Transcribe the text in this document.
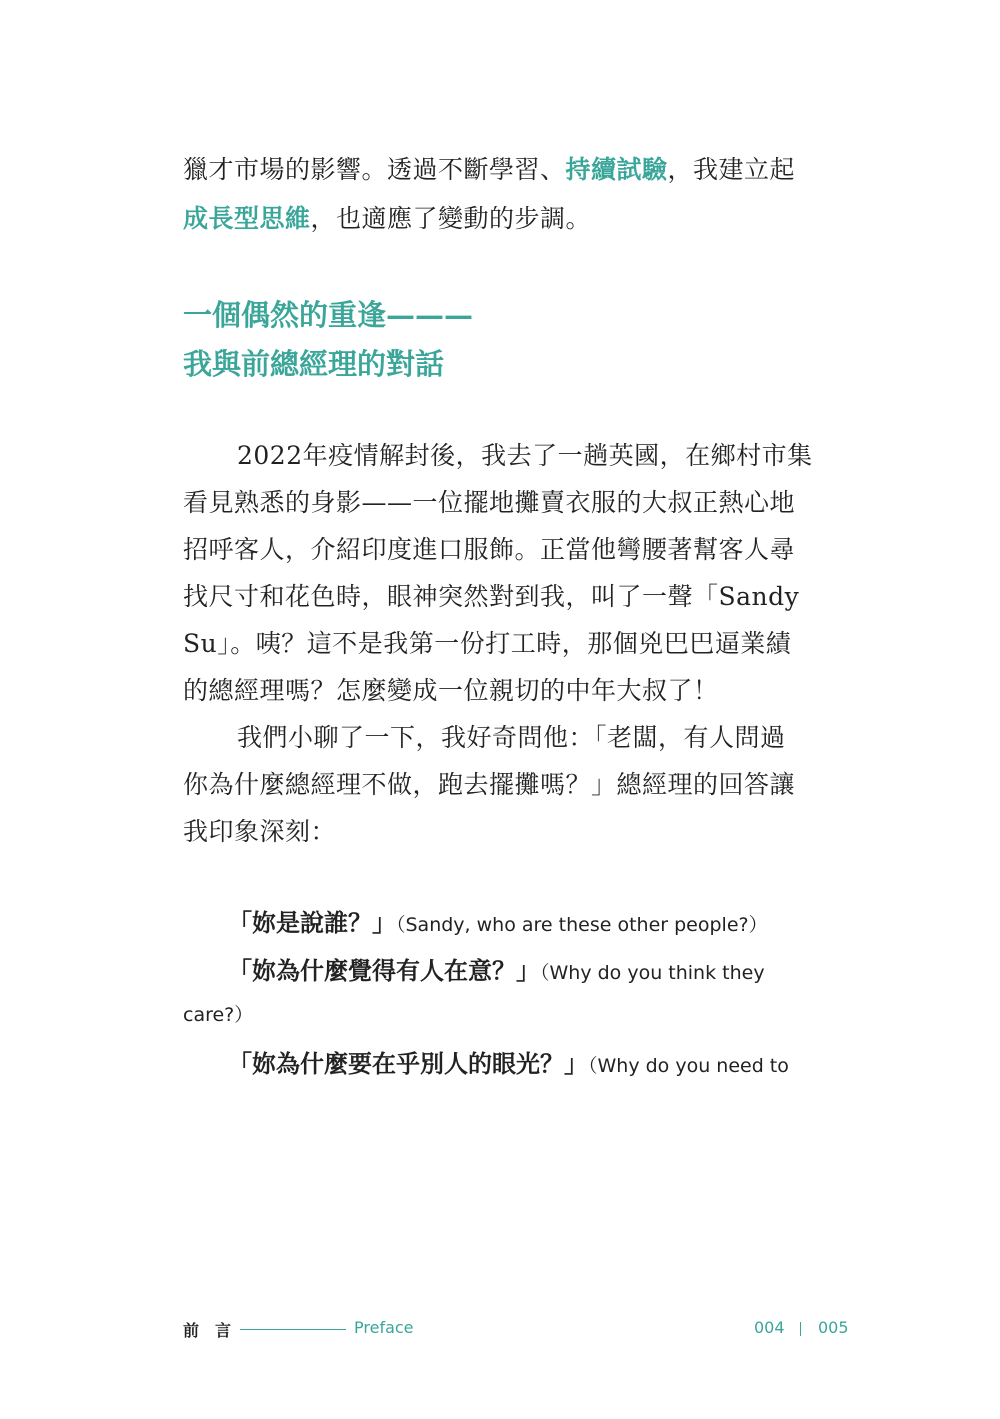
獵才市場的影響。透過不斷學習、持續試驗，我建立起
成長型思維，也適應了變動的步調。
一個偶然的重逢———
我與前總經理的對話
2022年疫情解封後，我去了一趟英國，在鄉村市集
看見熟悉的身影——一位擺地攤賣衣服的大叔正熱心地
招呼客人，介紹印度進口服飾。正當他彎腰著幫客人尋
找尺寸和花色時，眼神突然對到我，叫了一聲「Sandy
Su」。咦？這不是我第一份打工時，那個兇巴巴逼業績
的總經理嗎？怎麼變成一位親切的中年大叔了！
我們小聊了一下，我好奇問他：「老闆，有人問過
你為什麼總經理不做，跑去擺攤嗎？」總經理的回答讓
我印象深刻：
「妳是說誰？」（Sandy, who are these other people?）
「妳為什麼覺得有人在意？」（Why do you think they
care?）
「妳為什麼要在乎別人的眼光？」（Why do you need to
前　言	Preface	004 005
